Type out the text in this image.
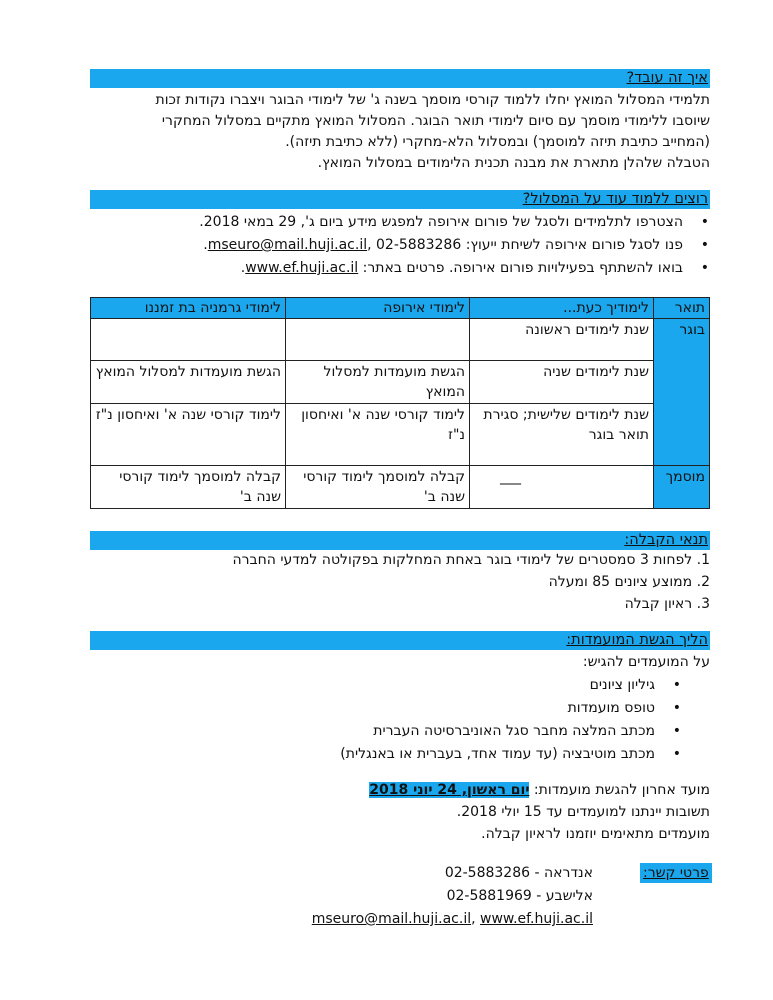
איך זה עובד?
תלמידי המסלול המואץ יחלו ללמוד קורסי מוסמך בשנה ג' של לימודי הבוגר ויצברו נקודות זכות
שיוסבו ללימודי מוסמך עם סיום לימודי תואר הבוגר. המסלול המואץ מתקיים במסלול המחקרי
(המחייב כתיבת תיזה למוסמך) ובמסלול הלא-מחקרי (ללא כתיבת תיזה).
הטבלה שלהלן מתארת את מבנה תכנית הלימודים במסלול המואץ.
רוצים ללמוד עוד על המסלול?
•
הצטרפו לתלמידים ולסגל של פורום אירופה למפגש מידע ביום ג', 29 במאי 2018.
•
פנו לסגל פורום אירופה לשיחת ייעוץ: mseuro@mail.huji.ac.il, 02-5883286.
•
בואו להשתתף בפעילויות פורום אירופה. פרטים באתר: www.ef.huji.ac.il.
תואר	לימודיך כעת...	לימודי אירופה	לימודי גרמניה בת זמננו
בוגר	שנת לימודים ראשונה		
	שנת לימודים שניה	הגשת מועמדות למסלול המואץ	הגשת מועמדות למסלול המואץ
	שנת לימודים שלישית; סגירת תואר בוגר	לימוד קורסי שנה א' ואיחסון נ"ז	לימוד קורסי שנה א' ואיחסון נ"ז
מוסמך	___	קבלה למוסמך לימוד קורסי שנה ב'	קבלה למוסמך לימוד קורסי שנה ב'
תנאי הקבלה:
1. לפחות 3 סמסטרים של לימודי בוגר באחת המחלקות בפקולטה למדעי החברה
2. ממוצע ציונים 85 ומעלה
3. ראיון קבלה
הליך הגשת המועמדות:
על המועמדים להגיש:
•
גיליון ציונים
•
טופס מועמדות
•
מכתב המלצה מחבר סגל האוניברסיטה העברית
•
מכתב מוטיבציה (עד עמוד אחד, בעברית או באנגלית)
מועד אחרון להגשת מועמדות: יום ראשון, 24 יוני 2018
תשובות יינתנו למועמדים עד 15 יולי 2018.
מועמדים מתאימים יוזמנו לראיון קבלה.
פרטי קשר:
אנדראה - 02-5883286
אלישבע - 02-5881969
mseuro@mail.huji.ac.il, www.ef.huji.ac.il
